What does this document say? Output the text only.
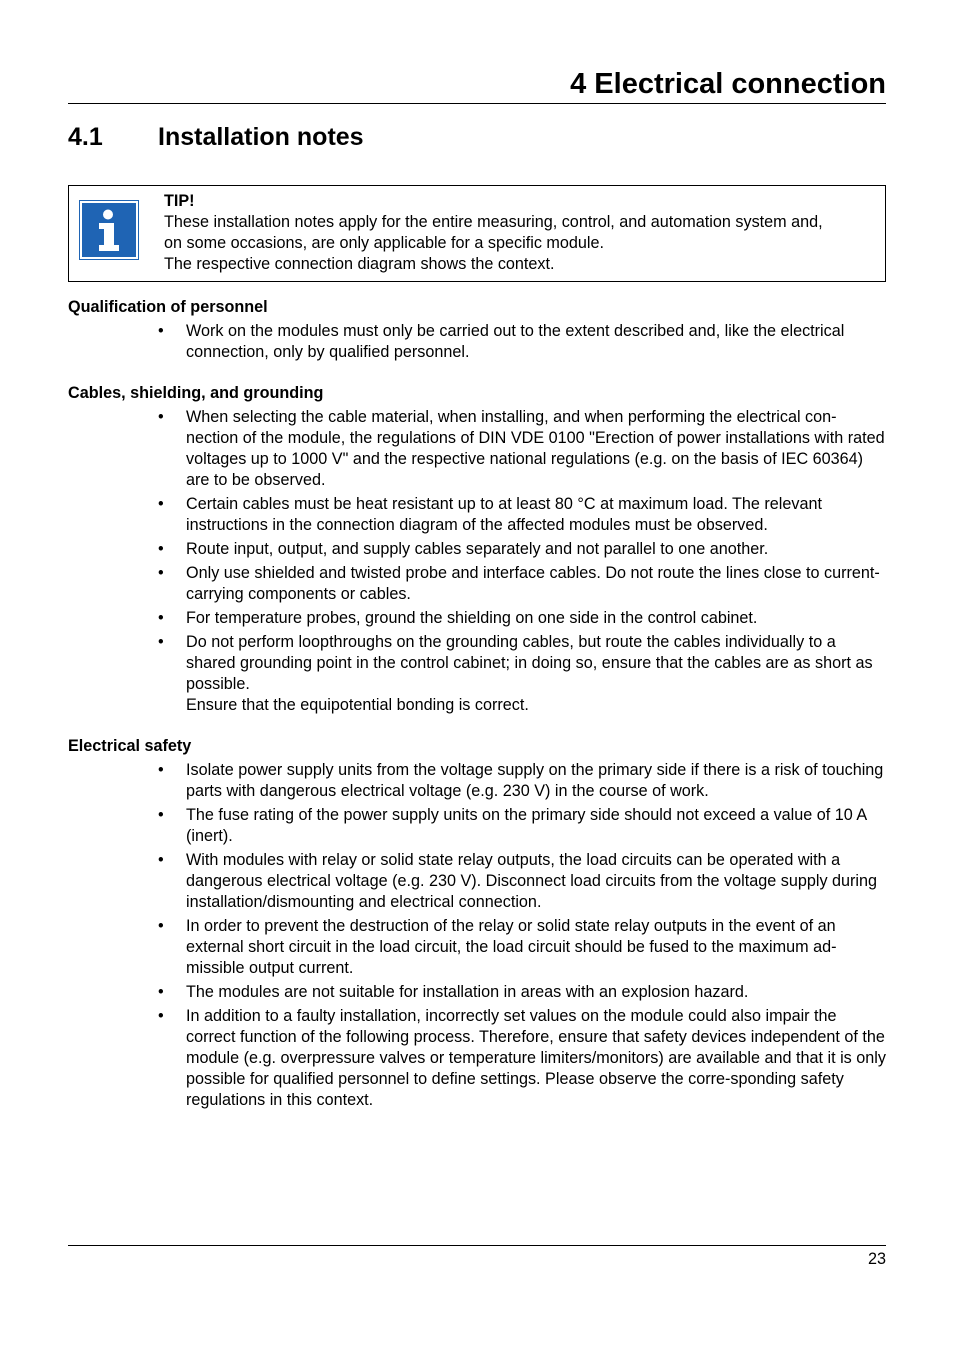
4 Electrical connection
4.1 Installation notes
TIP!
These installation notes apply for the entire measuring, control, and automation system and,
on some occasions, are only applicable for a specific module.
The respective connection diagram shows the context.
Qualification of personnel
• Work on the modules must only be carried out to the extent described and, like the electrical connection, only by qualified personnel.
Cables, shielding, and grounding
• When selecting the cable material, when installing, and when performing the electrical con-nection of the module, the regulations of DIN VDE 0100 "Erection of power installations with rated voltages up to 1000 V" and the respective national regulations (e.g. on the basis of IEC 60364) are to be observed.
• Certain cables must be heat resistant up to at least 80 °C at maximum load. The relevant instructions in the connection diagram of the affected modules must be observed.
• Route input, output, and supply cables separately and not parallel to one another.
• Only use shielded and twisted probe and interface cables. Do not route the lines close to current-carrying components or cables.
• For temperature probes, ground the shielding on one side in the control cabinet.
• Do not perform loopthroughs on the grounding cables, but route the cables individually to a shared grounding point in the control cabinet; in doing so, ensure that the cables are as short as possible.
Ensure that the equipotential bonding is correct.
Electrical safety
• Isolate power supply units from the voltage supply on the primary side if there is a risk of touching parts with dangerous electrical voltage (e.g. 230 V) in the course of work.
• The fuse rating of the power supply units on the primary side should not exceed a value of 10 A (inert).
• With modules with relay or solid state relay outputs, the load circuits can be operated with a dangerous electrical voltage (e.g. 230 V). Disconnect load circuits from the voltage supply during installation/dismounting and electrical connection.
• In order to prevent the destruction of the relay or solid state relay outputs in the event of an external short circuit in the load circuit, the load circuit should be fused to the maximum ad-missible output current.
• The modules are not suitable for installation in areas with an explosion hazard.
• In addition to a faulty installation, incorrectly set values on the module could also impair the correct function of the following process. Therefore, ensure that safety devices independent of the module (e.g. overpressure valves or temperature limiters/monitors) are available and that it is only possible for qualified personnel to define settings. Please observe the corre-sponding safety regulations in this context.
23
